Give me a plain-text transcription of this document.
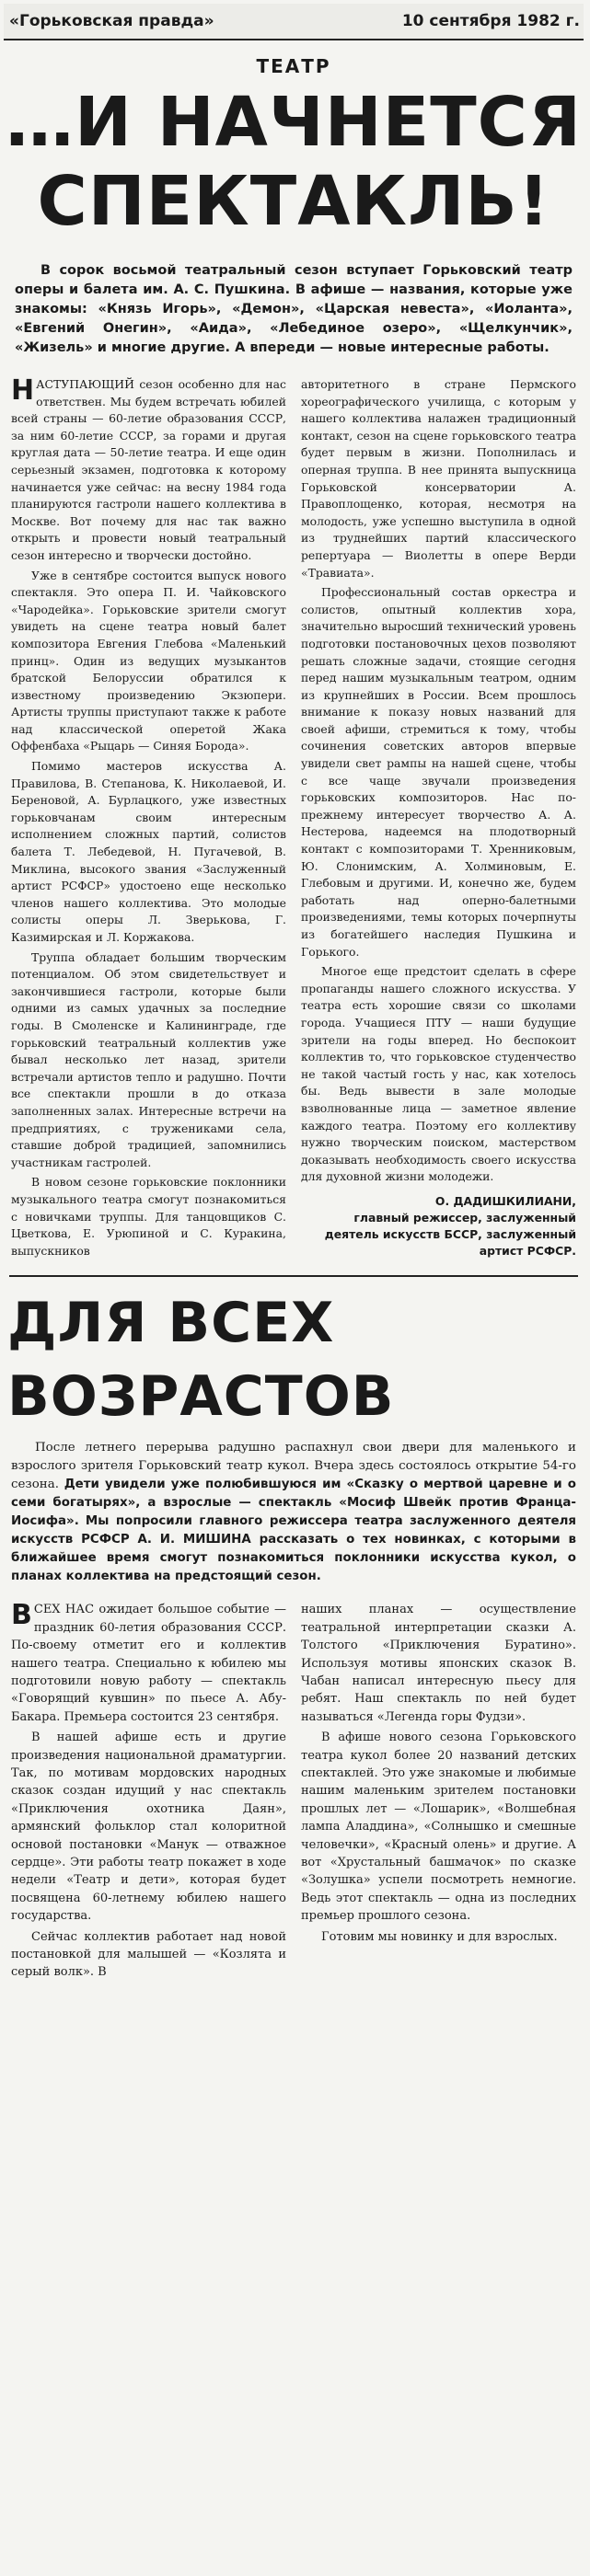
«Горьковская правда»	10 сентября 1982 г.
ТЕАТР
…И НАЧНЕТСЯ
СПЕКТАКЛЬ!
В сорок восьмой театральный сезон вступает Горьковский театр оперы и балета им. А. С. Пушкина. В афише — названия, которые уже знакомы: «Князь Игорь», «Демон», «Царская невеста», «Иоланта», «Евгений Онегин», «Аида», «Лебединое озеро», «Щелкунчик», «Жизель» и многие другие. А впереди — новые интересные работы.

НАСТУПАЮЩИЙ сезон особенно для нас ответствен. Мы будем встречать юбилей всей страны — 60-летие образования СССР, за ним 60-летие СССР, за горами и другая круглая дата — 50-летие театра. И еще один серьезный экзамен, подготовка к которому начинается уже сейчас: на весну 1984 года планируются гастроли нашего коллектива в Москве. Вот почему для нас так важно открыть и провести новый театральный сезон интересно и творчески достойно.

Уже в сентябре состоится выпуск нового спектакля. Это опера П. И. Чайковского «Чародейка». Горьковские зрители смогут увидеть на сцене театра новый балет композитора Евгения Глебова «Маленький принц». Один из ведущих музыкантов братской Белоруссии обратился к известному произведению Экзюпери. Артисты труппы приступают также к работе над классической оперетой Жака Оффенбаха «Рыцарь — Синяя Борода».

Помимо мастеров искусства А. Правилова, В. Степанова, К. Николаевой, И. Береновой, А. Бурлацкого, уже известных горьковчанам своим интересным исполнением сложных партий, солистов балета Т. Лебедевой, Н. Пугачевой, В. Миклина, высокого звания «Заслуженный артист РСФСР» удостоено еще несколько членов нашего коллектива. Это молодые солисты оперы Л. Зверькова, Г. Казимирская и Л. Коржакова.

Труппа обладает большим творческим потенциалом. Об этом свидетельствует и закончившиеся гастроли, которые были одними из самых удачных за последние годы. В Смоленске и Калининграде, где горьковский театральный коллектив уже бывал несколько лет назад, зрители встречали артистов тепло и радушно. Почти все спектакли прошли в до отказа заполненных залах. Интересные встречи на предприятиях, с тружениками села, ставшие доброй традицией, запомнились участникам гастролей.

В новом сезоне горьковские поклонники музыкального театра смогут познакомиться с новичками труппы. Для танцовщиков С. Цветкова, Е. Урюпиной и С. Куракина, выпускников

авторитетного в стране Пермского хореографического училища, с которым у нашего коллектива налажен традиционный контакт, сезон на сцене горьковского театра будет первым в жизни. Пополнилась и оперная труппа. В нее принята выпускница Горьковской консерватории А. Правоплощенко, которая, несмотря на молодость, уже успешно выступила в одной из труднейших партий классического репертуара — Виолетты в опере Верди «Травиата».

Профессиональный состав оркестра и солистов, опытный коллектив хора, значительно выросший технический уровень подготовки постановочных цехов позволяют решать сложные задачи, стоящие сегодня перед нашим музыкальным театром, одним из крупнейших в России. Всем прошлось внимание к показу новых названий для своей афиши, стремиться к тому, чтобы сочинения советских авторов впервые увидели свет рампы на нашей сцене, чтобы с все чаще звучали произведения горьковских композиторов. Нас по-прежнему интересует творчество А. А. Нестерова, надеемся на плодотворный контакт с композиторами Т. Хренниковым, Ю. Слонимским, А. Холминовым, Е. Глебовым и другими. И, конечно же, будем работать над оперно-балетными произведениями, темы которых почерпнуты из богатейшего наследия Пушкина и Горького.

Многое еще предстоит сделать в сфере пропаганды нашего сложного искусства. У театра есть хорошие связи со школами города. Учащиеся ПТУ — наши будущие зрители на годы вперед. Но беспокоит коллектив то, что горьковское студенчество не такой частый гость у нас, как хотелось бы. Ведь вывести в зале молодые взволнованные лица — заметное явление каждого театра. Поэтому его коллективу нужно творческим поиском, мастерством доказывать необходимость своего искусства для духовной жизни молодежи.

О. ДАДИШКИЛИАНИ,
главный режиссер, заслуженный деятель искусств БССР, заслуженный артист РСФСР.
ДЛЯ ВСЕХ ВОЗРАСТОВ
После летнего перерыва радушно распахнул свои двери для маленького и взрослого зрителя Горьковский театр кукол. Вчера здесь состоялось открытие 54-го сезона. Дети увидели уже полюбившуюся им «Сказку о мертвой царевне и о семи богатырях», а взрослые — спектакль «Мосиф Швейк против Франца-Иосифа». Мы попросили главного режиссера театра заслуженного деятеля искусств РСФСР А. И. МИШИНА рассказать о тех новинках, с которыми в ближайшее время смогут познакомиться поклонники искусства кукол, о планах коллектива на предстоящий сезон.

ВСЕХ НАС ожидает большое событие — праздник 60-летия образования СССР. По-своему отметит его и коллектив нашего театра. Специально к юбилею мы подготовили новую работу — спектакль «Говорящий кувшин» по пьесе А. Абу-Бакара. Премьера состоится 23 сентября.

В нашей афише есть и другие произведения национальной драматургии. Так, по мотивам мордовских народных сказок создан идущий у нас спектакль «Приключения охотника Даян», армянский фольклор стал колоритной основой постановки «Манук — отважное сердце». Эти работы театр покажет в ходе недели «Театр и дети», которая будет посвящена 60-летнему юбилею нашего государства.

Сейчас коллектив работает над новой постановкой для малышей — «Козлята и серый волк». В

наших планах — осуществление театральной интерпретации сказки А. Толстого «Приключения Буратино». Используя мотивы японских сказок В. Чабан написал интересную пьесу для ребят. Наш спектакль по ней будет называться «Легенда горы Фудзи».

В афише нового сезона Горьковского театра кукол более 20 названий детских спектаклей. Это уже знакомые и любимые нашим маленьким зрителем постановки прошлых лет — «Лошарик», «Волшебная лампа Аладдина», «Солнышко и смешные человечки», «Красный олень» и другие. А вот «Хрустальный башмачок» по сказке «Золушка» успели посмотреть немногие. Ведь этот спектакль — одна из последних премьер прошлого сезона.

Готовим мы новинку и для взрослых.
